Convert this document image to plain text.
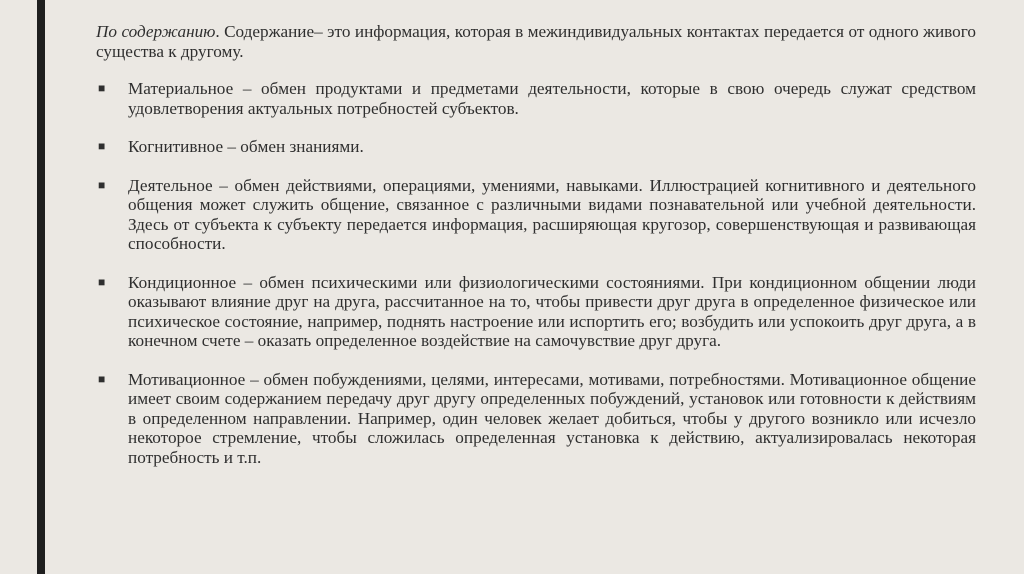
По содержанию. Содержание– это информация, которая в межиндивидуальных контактах передается от одного живого существа к другому.

■ Материальное – обмен продуктами и предметами деятельности, которые в свою очередь служат средством удовлетворения актуальных потребностей субъектов.
■ Когнитивное – обмен знаниями.
■ Деятельное – обмен действиями, операциями, умениями, навыками. Иллюстрацией когнитивного и деятельного общения может служить общение, связанное с различными видами познавательной или учебной деятельности. Здесь от субъекта к субъекту передается информация, расширяющая кругозор, совершенствующая и развивающая способности.
■ Кондиционное – обмен психическими или физиологическими состояниями. При кондиционном общении люди оказывают влияние друг на друга, рассчитанное на то, чтобы привести друг друга в определенное физическое или психическое состояние, например, поднять настроение или испортить его; возбудить или успокоить друг друга, а в конечном счете – оказать определенное воздействие на самочувствие друг друга.
■ Мотивационное – обмен побуждениями, целями, интересами, мотивами, потребностями. Мотивационное общение имеет своим содержанием передачу друг другу определенных побуждений, установок или готовности к действиям в определенном направлении. Например, один человек желает добиться, чтобы у другого возникло или исчезло некоторое стремление, чтобы сложилась определенная установка к действию, актуализировалась некоторая потребность и т.п.
